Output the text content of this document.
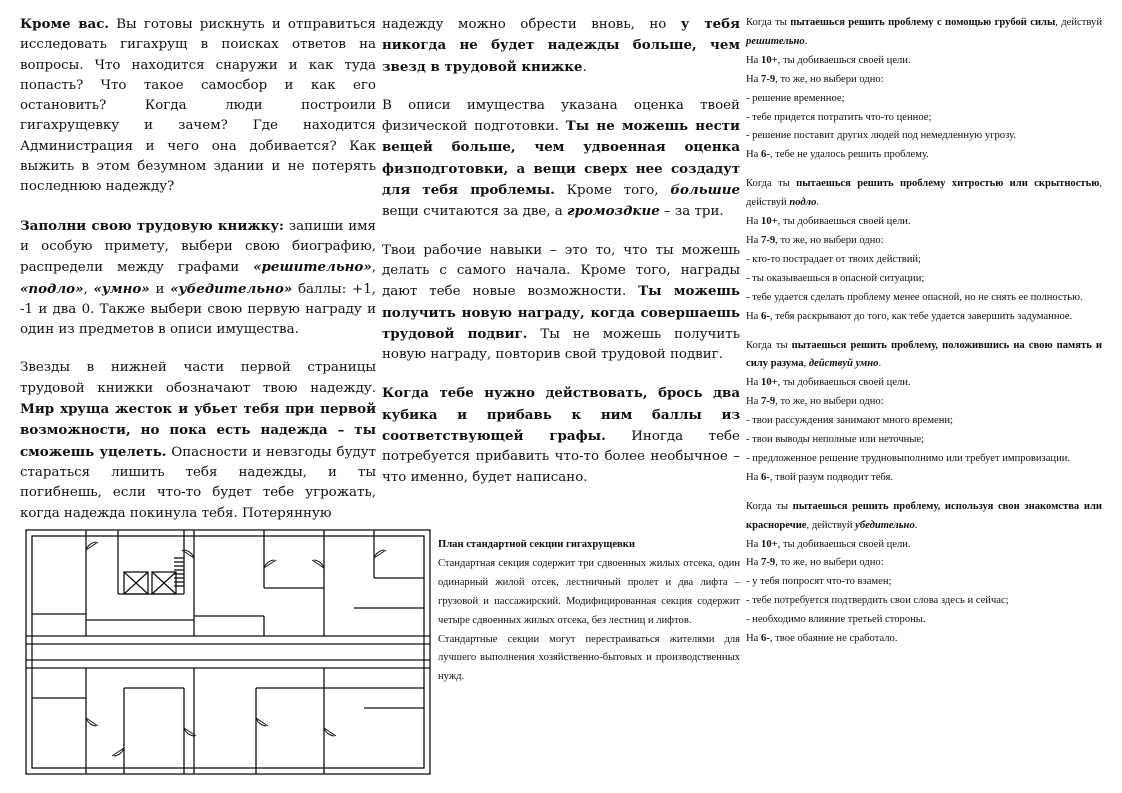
Кроме вас. Вы готовы рискнуть и отправиться исследовать гигахрущ в поисках ответов на вопросы. Что находится снаружи и как туда попасть? Что такое самосбор и как его остановить? Когда люди построили гигахрущевку и зачем? Где находится Администрация и чего она добивается? Как выжить в этом безумном здании и не потерять последнюю надежду?

Заполни свою трудовую книжку: запиши имя и особую примету, выбери свою биографию, распредели между графами «решительно», «подло», «умно» и «убедительно» баллы: +1, -1 и два 0. Также выбери свою первую награду и один из предметов в описи имущества.

Звезды в нижней части первой страницы трудовой книжки обозначают твою надежду. Мир хруща жесток и убьет тебя при первой возможности, но пока есть надежда – ты сможешь уцелеть. Опасности и невзгоды будут стараться лишить тебя надежды, и ты погибнешь, если что-то будет тебе угрожать, когда надежда покинула тебя. Потерянную

надежду можно обрести вновь, но у тебя никогда не будет надежды больше, чем звезд в трудовой книжке.

В описи имущества указана оценка твоей физической подготовки. Ты не можешь нести вещей больше, чем удвоенная оценка физподготовки, а вещи сверх нее создадут для тебя проблемы. Кроме того, большие вещи считаются за две, а громоздкие – за три.

Твои рабочие навыки – это то, что ты можешь делать с самого начала. Кроме того, награды дают тебе новые возможности. Ты можешь получить новую награду, когда совершаешь трудовой подвиг. Ты не можешь получить новую награду, повторив свой трудовой подвиг.

Когда тебе нужно действовать, брось два кубика и прибавь к ним баллы из соответствующей графы. Иногда тебе потребуется прибавить что-то более необычное – что именно, будет написано.

Когда ты пытаешься решить проблему с помощью грубой силы, действуй решительно.

На 10+, ты добиваешься своей цели.

На 7-9, то же, но выбери одно:

- решение временное;

- тебе придется потратить что-то ценное;

- решение поставит других людей под немедленную угрозу.

На 6-, тебе не удалось решить проблему.

Когда ты пытаешься решить проблему хитростью или скрытностью, действуй подло.

На 10+, ты добиваешься своей цели.

На 7-9, то же, но выбери одно:

- кто-то пострадает от твоих действий;

- ты оказываешься в опасной ситуации;

- тебе удается сделать проблему менее опасной, но не снять ее полностью.

На 6-, тебя раскрывают до того, как тебе удается завершить задуманное.

Когда ты пытаешься решить проблему, положившись на свою память и силу разума, действуй умно.

На 10+, ты добиваешься своей цели.

На 7-9, то же, но выбери одно:

- твои рассуждения занимают много времени;

- твои выводы неполные или неточные;

- предложенное решение трудновыполнимо или требует импровизации.

На 6-, твой разум подводит тебя.

Когда ты пытаешься решить проблему, используя свои знакомства или красноречие, действуй убедительно.

На 10+, ты добиваешься своей цели.

На 7-9, то же, но выбери одно:

- у тебя попросят что-то взамен;

- тебе потребуется подтвердить свои слова здесь и сейчас;

- необходимо влияние третьей стороны.

На 6-, твое обаяние не сработало.

План стандартной секции гигахрущевки

Стандартная секция содержит три сдвоенных жилых отсека, один одинарный жилой отсек, лестничный пролет и два лифта – грузовой и пассажирский. Модифицированная секция содержит четыре сдвоенных жилых отсека, без лестниц и лифтов.

Стандартные секции могут перестраиваться жителями для лучшего выполнения хозяйственно-бытовых и производственных нужд.
